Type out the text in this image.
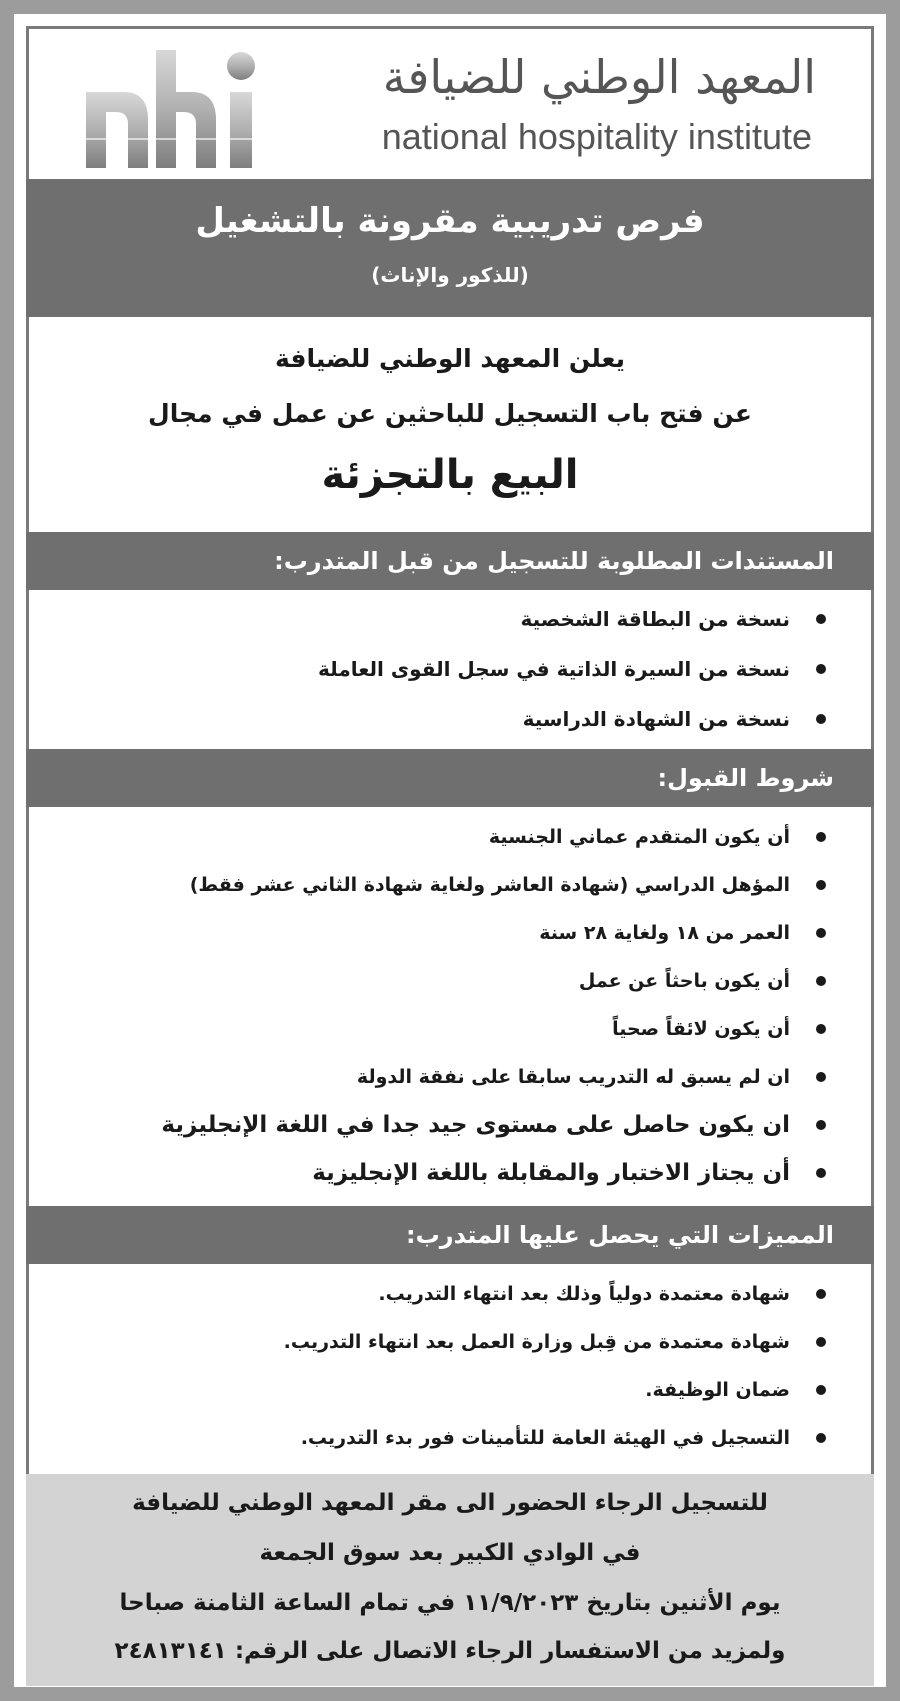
المعهد الوطني للضيافة
national hospitality institute
فرص تدريبية مقرونة بالتشغيل
(للذكور والإناث)
يعلن المعهد الوطني للضيافة
عن فتح باب التسجيل للباحثين عن عمل في مجال
البيع بالتجزئة
المستندات المطلوبة للتسجيل من قبل المتدرب:
نسخة من البطاقة الشخصية
نسخة من السيرة الذاتية في سجل القوى العاملة
نسخة من الشهادة الدراسية
شروط القبول:
أن يكون المتقدم عماني الجنسية
المؤهل الدراسي (شهادة العاشر ولغاية شهادة الثاني عشر فقط)
العمر من ١٨ ولغاية ٢٨ سنة
أن يكون باحثاً عن عمل
أن يكون لائقاً صحياً
ان لم يسبق له التدريب سابقا على نفقة الدولة
ان يكون حاصل على مستوى جيد جدا في اللغة الإنجليزية
أن يجتاز الاختبار والمقابلة باللغة الإنجليزية
المميزات التي يحصل عليها المتدرب:
شهادة معتمدة دولياً وذلك بعد انتهاء التدريب.
شهادة معتمدة من قِبل وزارة العمل بعد انتهاء التدريب.
ضمان الوظيفة.
التسجيل في الهيئة العامة للتأمينات فور بدء التدريب.
للتسجيل الرجاء الحضور الى مقر المعهد الوطني للضيافة
في الوادي الكبير بعد سوق الجمعة
يوم الأثنين بتاريخ ١١/٩/٢٠٢٣ في تمام الساعة الثامنة صباحا
ولمزيد من الاستفسار الرجاء الاتصال على الرقم: ٢٤٨١٣١٤١
